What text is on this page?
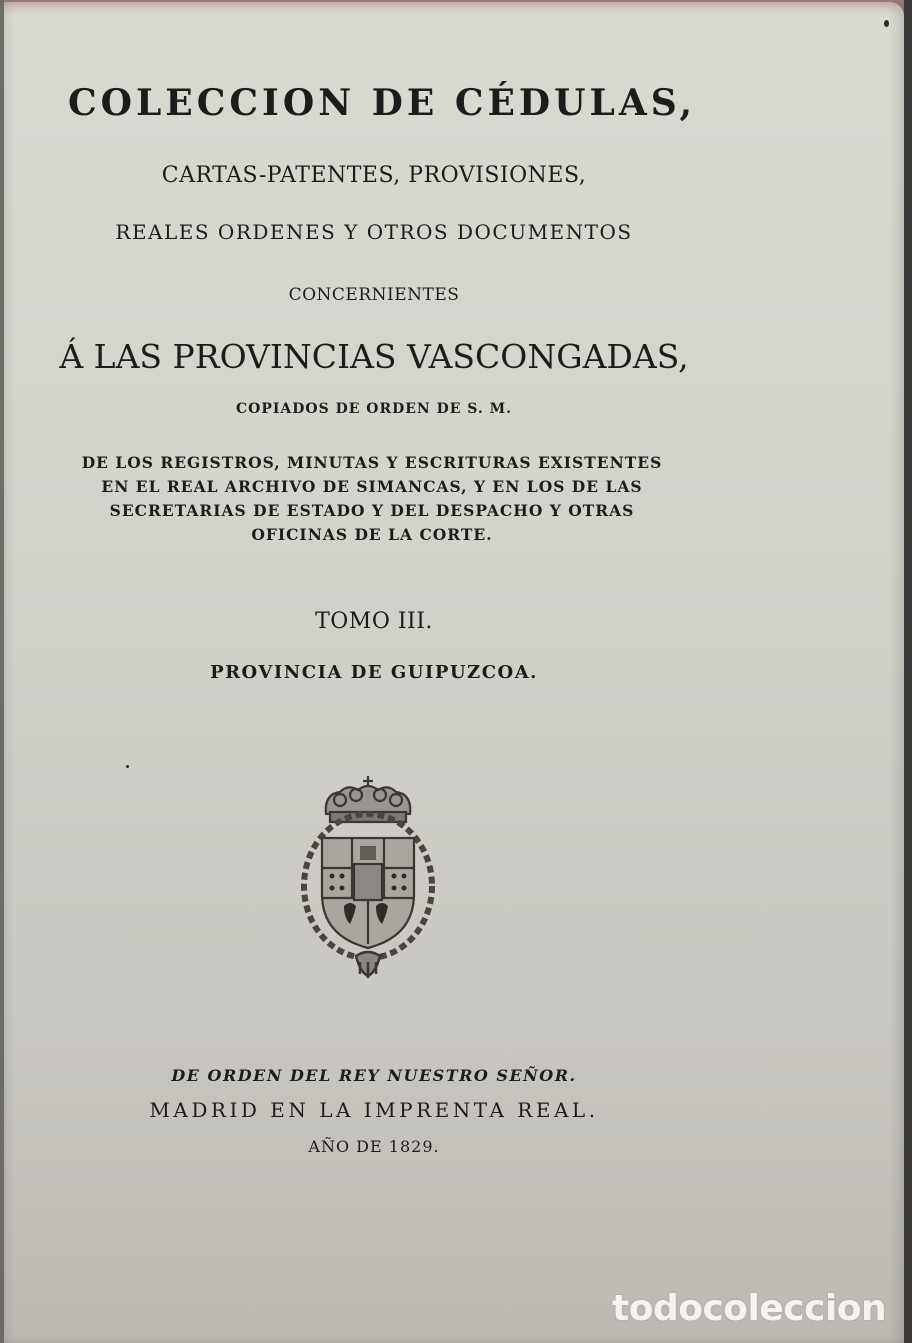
COLECCION DE CÉDULAS,
CARTAS-PATENTES, PROVISIONES,
REALES ORDENES Y OTROS DOCUMENTOS
CONCERNIENTES
Á LAS PROVINCIAS VASCONGADAS,
COPIADOS DE ORDEN DE S. M.
DE LOS REGISTROS, MINUTAS Y ESCRITURAS EXISTENTES
EN EL REAL ARCHIVO DE SIMANCAS, Y EN LOS DE LAS
SECRETARIAS DE ESTADO Y DEL DESPACHO Y OTRAS
OFICINAS DE LA CORTE.
TOMO III.
PROVINCIA DE GUIPUZCOA.
DE ORDEN DEL REY NUESTRO SEÑOR.
MADRID EN LA IMPRENTA REAL.
AÑO DE 1829.
todocoleccion
